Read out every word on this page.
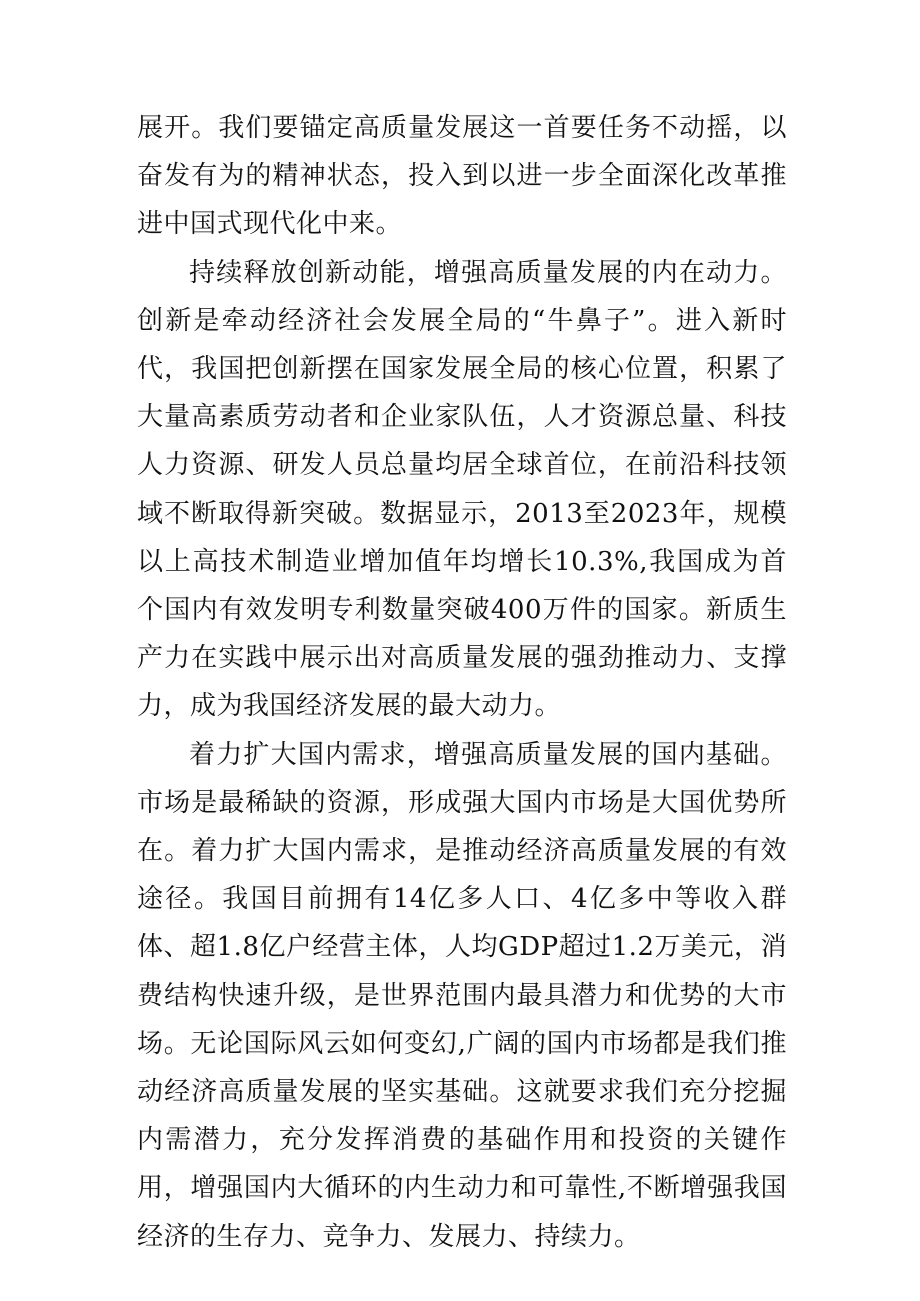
展开。我们要锚定高质量发展这一首要任务不动摇，以奋发有为的精神状态，投入到以进一步全面深化改革推进中国式现代化中来。

持续释放创新动能，增强高质量发展的内在动力。创新是牵动经济社会发展全局的“牛鼻子”。进入新时代，我国把创新摆在国家发展全局的核心位置，积累了大量高素质劳动者和企业家队伍，人才资源总量、科技人力资源、研发人员总量均居全球首位，在前沿科技领域不断取得新突破。数据显示，2013至2023年，规模以上高技术制造业增加值年均增长10.3%,我国成为首个国内有效发明专利数量突破400万件的国家。新质生产力在实践中展示出对高质量发展的强劲推动力、支撑力，成为我国经济发展的最大动力。

着力扩大国内需求，增强高质量发展的国内基础。市场是最稀缺的资源，形成强大国内市场是大国优势所在。着力扩大国内需求，是推动经济高质量发展的有效途径。我国目前拥有14亿多人口、4亿多中等收入群体、超1.8亿户经营主体，人均GDP超过1.2万美元，消费结构快速升级，是世界范围内最具潜力和优势的大市场。无论国际风云如何变幻,广阔的国内市场都是我们推动经济高质量发展的坚实基础。这就要求我们充分挖掘内需潜力，充分发挥消费的基础作用和投资的关键作用，增强国内大循环的内生动力和可靠性,不断增强我国经济的生存力、竞争力、发展力、持续力。
